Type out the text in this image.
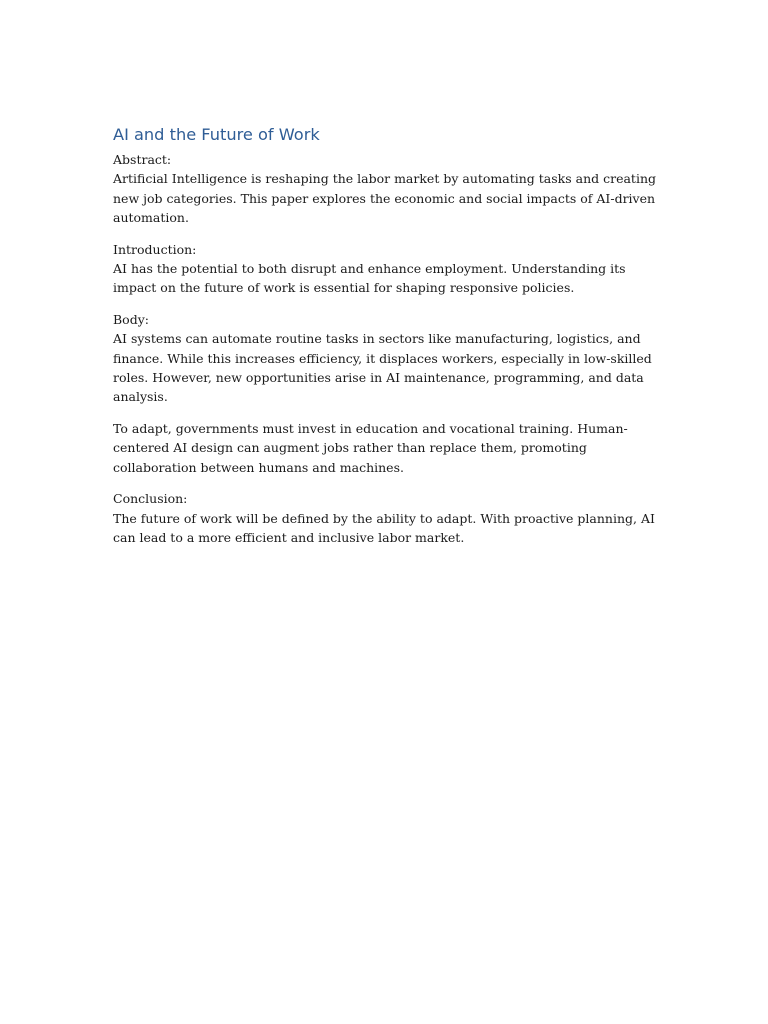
AI and the Future of Work
Abstract:

Artificial Intelligence is reshaping the labor market by automating tasks and creating new job categories. This paper explores the economic and social impacts of AI-driven automation.

Introduction:

AI has the potential to both disrupt and enhance employment. Understanding its impact on the future of work is essential for shaping responsive policies.

Body:

AI systems can automate routine tasks in sectors like manufacturing, logistics, and finance. While this increases efficiency, it displaces workers, especially in low-skilled roles. However, new opportunities arise in AI maintenance, programming, and data analysis.

To adapt, governments must invest in education and vocational training. Human-centered AI design can augment jobs rather than replace them, promoting collaboration between humans and machines.

Conclusion:

The future of work will be defined by the ability to adapt. With proactive planning, AI can lead to a more efficient and inclusive labor market.
